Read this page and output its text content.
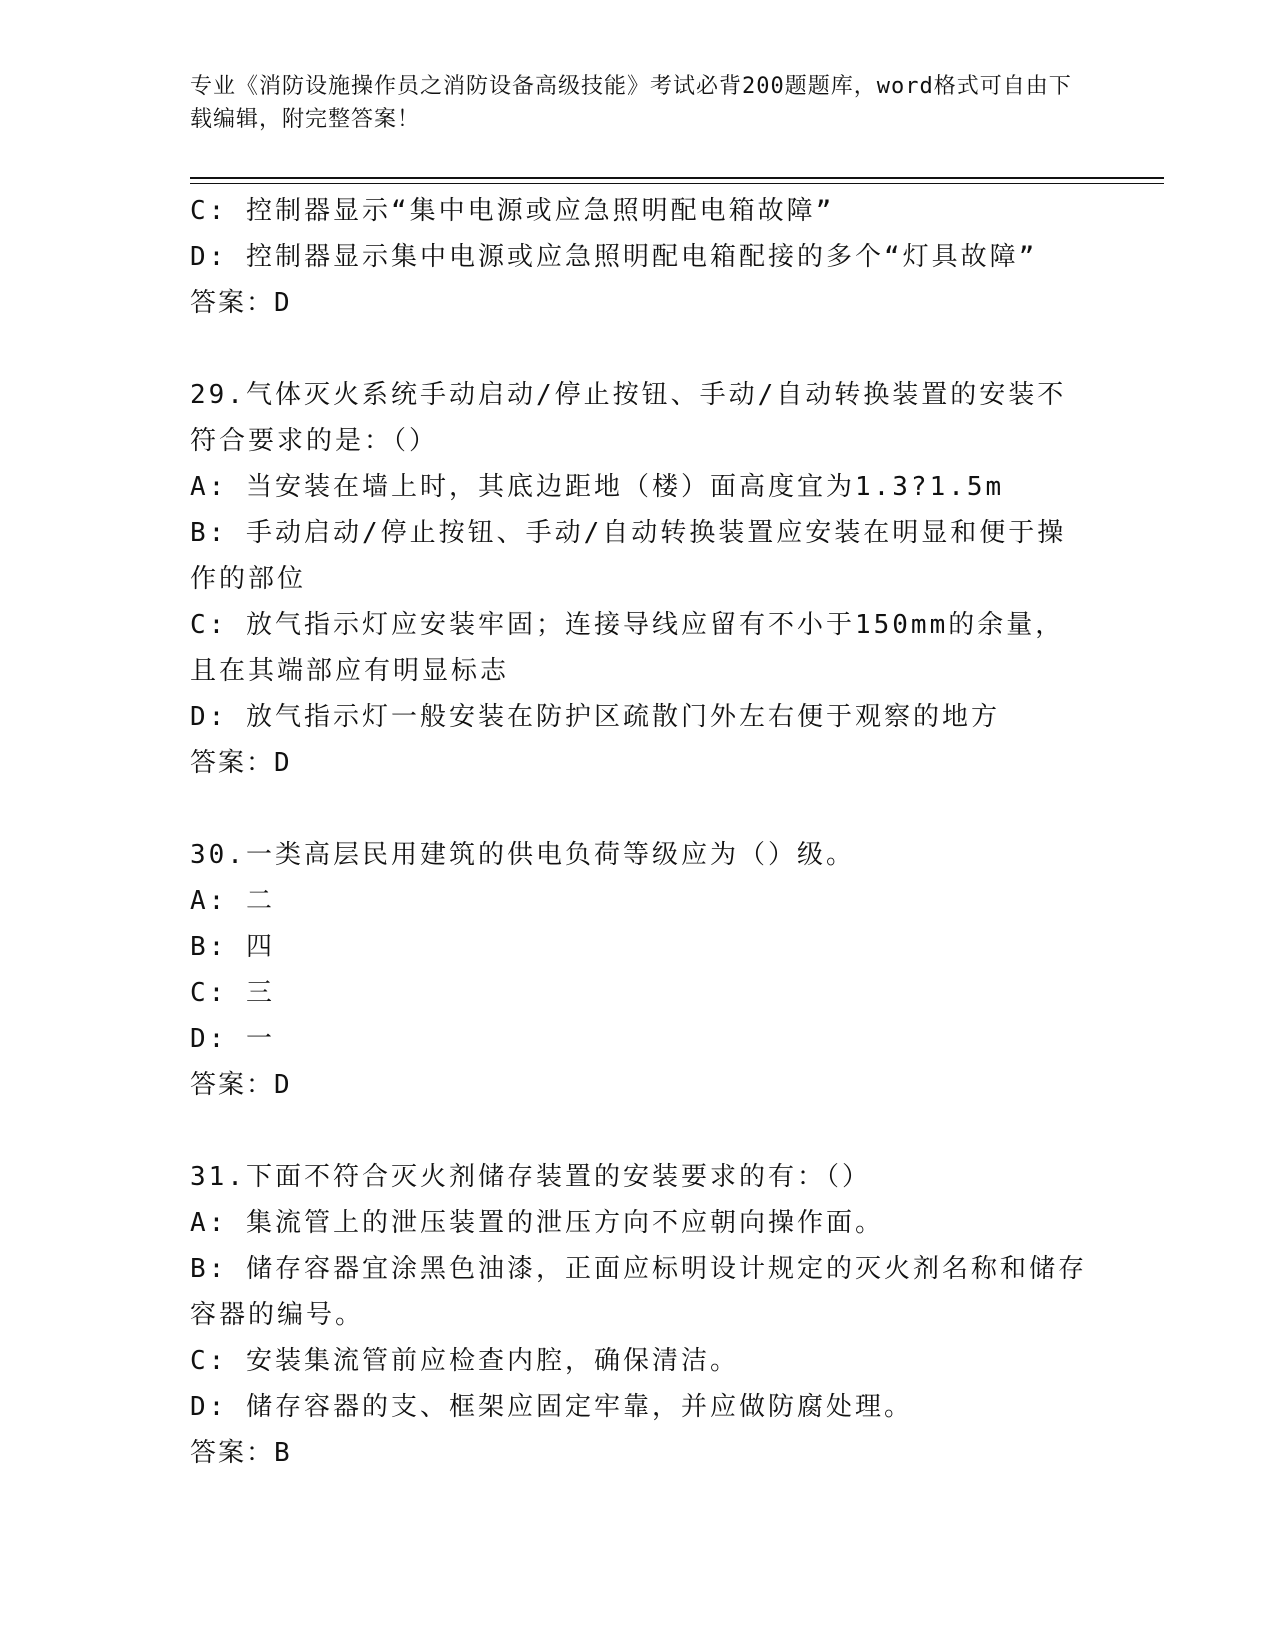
专业《消防设施操作员之消防设备高级技能》考试必背200题题库，word格式可自由下载编辑，附完整答案！
C: 控制器显示“集中电源或应急照明配电箱故障”
D: 控制器显示集中电源或应急照明配电箱配接的多个“灯具故障”
答案：D
29.气体灭火系统手动启动/停止按钮、手动/自动转换装置的安装不符合要求的是：（）
A: 当安装在墙上时，其底边距地（楼）面高度宜为1.3?1.5m
B: 手动启动/停止按钮、手动/自动转换装置应安装在明显和便于操作的部位
C: 放气指示灯应安装牢固；连接导线应留有不小于150mm的余量，且在其端部应有明显标志
D: 放气指示灯一般安装在防护区疏散门外左右便于观察的地方
答案：D
30.一类高层民用建筑的供电负荷等级应为（）级。
A: 二
B: 四
C: 三
D: 一
答案：D
31.下面不符合灭火剂储存装置的安装要求的有：（）
A: 集流管上的泄压装置的泄压方向不应朝向操作面。
B: 储存容器宜涂黑色油漆，正面应标明设计规定的灭火剂名称和储存容器的编号。
C: 安装集流管前应检查内腔，确保清洁。
D: 储存容器的支、框架应固定牢靠，并应做防腐处理。
答案：B
